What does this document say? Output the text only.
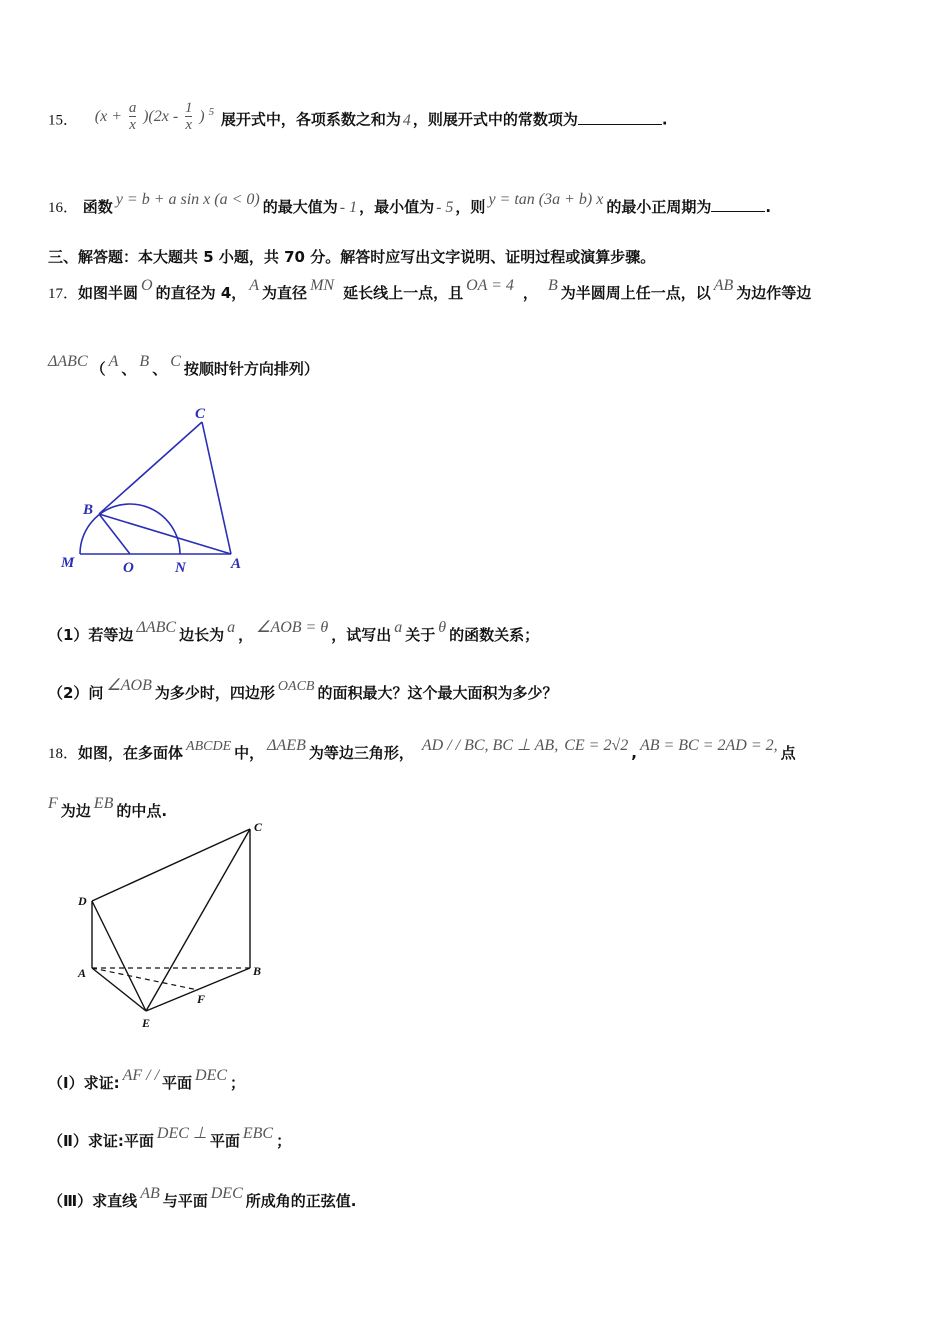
15． $(x + \frac{a}{x} )(2x - \frac{1}{x}$ ) $^5$ 展开式中，各项系数之和为 4 ，则展开式中的常数项为	.
16． 函数 y = b + a sin x (a < 0) 的最大值为 - 1 ，最小值为 - 5 ，则 y = tan (3a + b) x 的最小正周期为	.
三、解答题：本大题共 5 小题，共 70 分。解答时应写出文字说明、证明过程或演算步骤。
17．如图半圆 O 的直径为 4， A 为直径 MN 延长线上一点，且 OA = 4 ， B 为半圆周上任一点，以 AB 为边作等边
ΔABC （ A 、 B 、 C 按顺时针方向排列）
C
B
M	O	N	A
（1）若等边 ΔABC 边长为 a ， ∠AOB = θ ，试写出 a 关于 θ 的函数关系；
（2）问 ∠AOB 为多少时，四边形 OACB 的面积最大？这个最大面积为多少？
18．如图，在多面体 ABCDE 中， ΔAEB 为等边三角形， AD / / BC, BC ⊥ AB, CE = 2√2 , AB = BC = 2AD = 2, 点
F 为边 EB 的中点.
C
D
A	B
F
E
（Ⅰ）求证: AF / / 平面 DEC ；
（Ⅱ）求证:平面 DEC ⊥ 平面 EBC ；
（Ⅲ）求直线 AB 与平面 DEC 所成角的正弦值.
